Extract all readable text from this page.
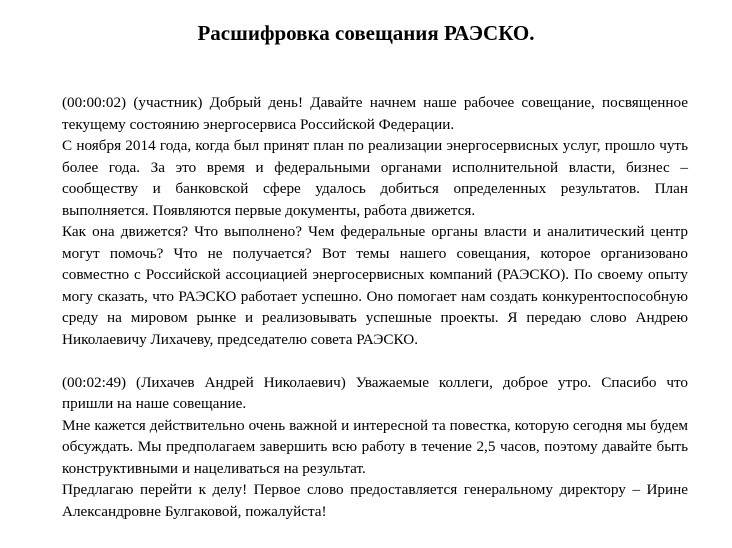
Расшифровка совещания РАЭСКО.

(00:00:02) (участник) Добрый день! Давайте начнем наше рабочее совещание, посвященное текущему состоянию энергосервиса Российской Федерации.

С ноября 2014 года, когда был принят план по реализации энергосервисных услуг, прошло чуть более года. За это время и федеральными органами исполнительной власти, бизнес – сообществу и банковской сфере удалось добиться определенных результатов. План выполняется. Появляются первые документы, работа движется.

Как она движется? Что выполнено? Чем федеральные органы власти и аналитический центр могут помочь? Что не получается? Вот темы нашего совещания, которое организовано совместно с Российской ассоциацией энергосервисных компаний (РАЭСКО). По своему опыту могу сказать, что РАЭСКО работает успешно. Оно помогает нам создать конкурентоспособную среду на мировом рынке и реализовывать успешные проекты. Я передаю слово Андрею Николаевичу Лихачеву, председателю совета РАЭСКО.

(00:02:49) (Лихачев Андрей Николаевич) Уважаемые коллеги, доброе утро. Спасибо что пришли на наше совещание.

Мне кажется действительно очень важной и интересной та повестка, которую сегодня мы будем обсуждать. Мы предполагаем завершить всю работу в течение 2,5 часов, поэтому давайте быть конструктивными и нацеливаться на результат.

Предлагаю перейти к делу! Первое слово предоставляется генеральному директору – Ирине Александровне Булгаковой, пожалуйста!
